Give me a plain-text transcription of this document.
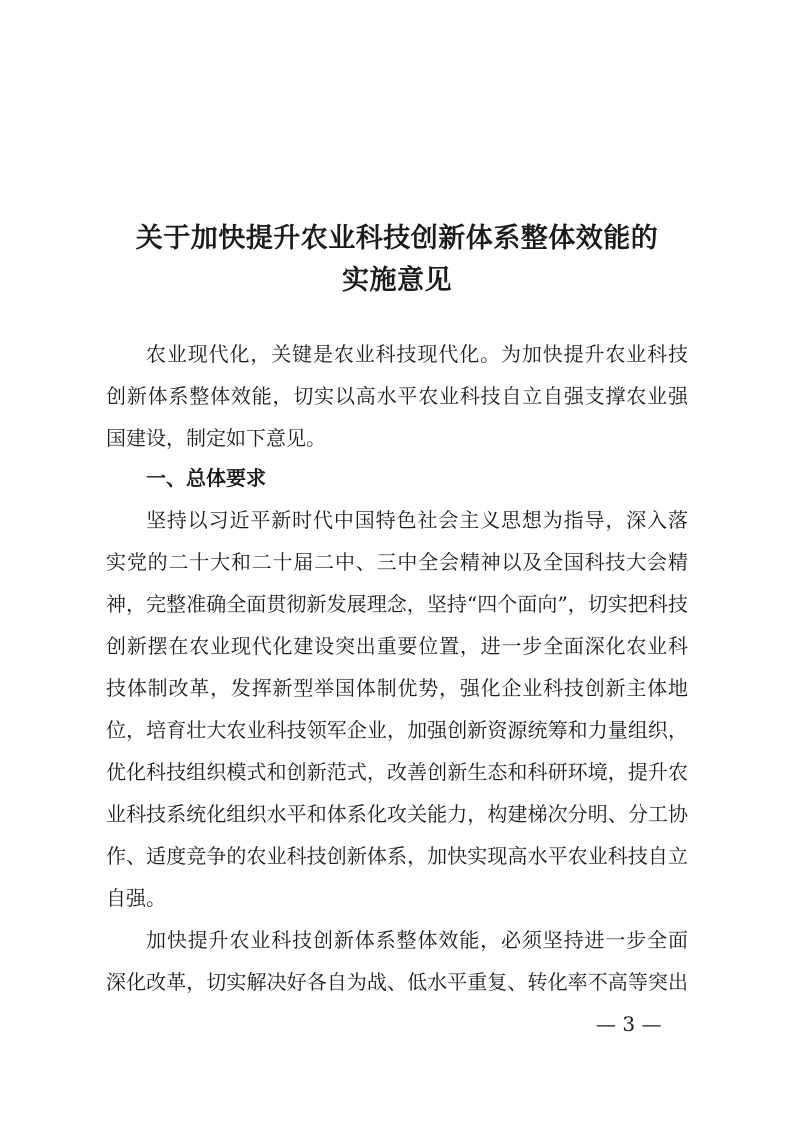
关于加快提升农业科技创新体系整体效能的
实施意见
农业现代化，关键是农业科技现代化。为加快提升农业科技
创新体系整体效能，切实以高水平农业科技自立自强支撑农业强
国建设，制定如下意见。
一、总体要求
坚持以习近平新时代中国特色社会主义思想为指导，深入落
实党的二十大和二十届二中、三中全会精神以及全国科技大会精
神，完整准确全面贯彻新发展理念，坚持“四个面向”，切实把科技
创新摆在农业现代化建设突出重要位置，进一步全面深化农业科
技体制改革，发挥新型举国体制优势，强化企业科技创新主体地
位，培育壮大农业科技领军企业，加强创新资源统筹和力量组织，
优化科技组织模式和创新范式，改善创新生态和科研环境，提升农
业科技系统化组织水平和体系化攻关能力，构建梯次分明、分工协
作、适度竞争的农业科技创新体系，加快实现高水平农业科技自立
自强。
加快提升农业科技创新体系整体效能，必须坚持进一步全面
深化改革，切实解决好各自为战、低水平重复、转化率不高等突出
— 3 —
